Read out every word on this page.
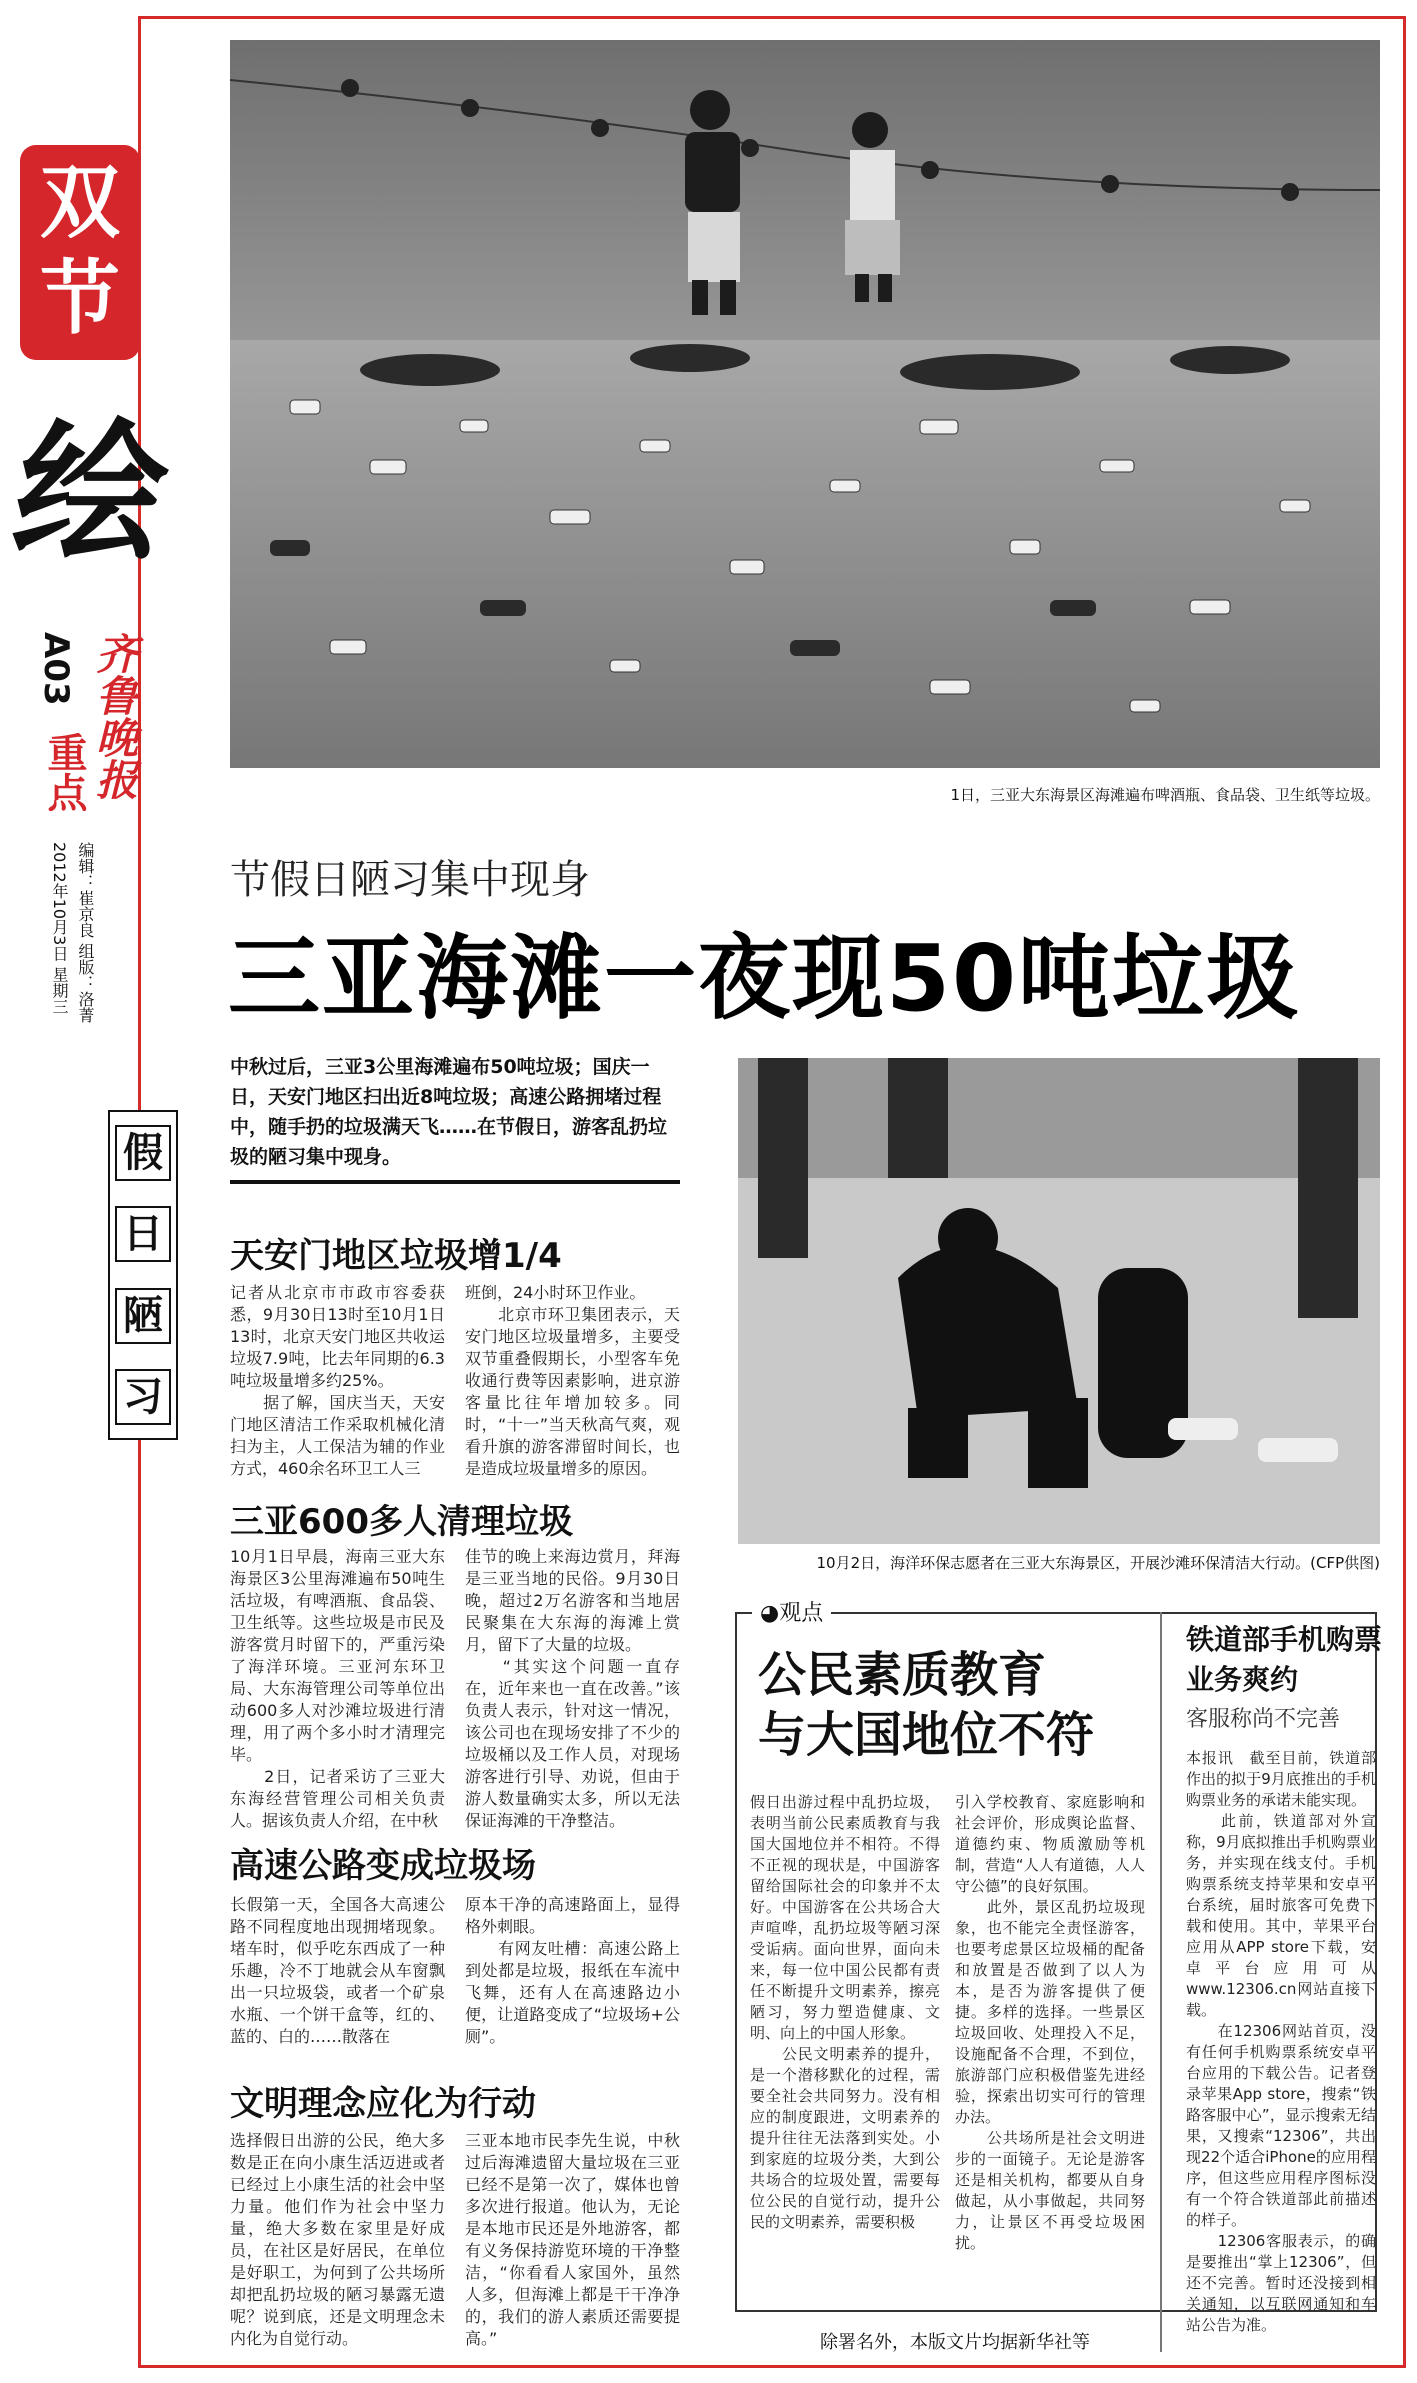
双
节
绘
A03
重点 齐鲁晚报
编辑：崔京良 组版：洛菁
2012年10月3日 星期三
假
日
陋
习
1日，三亚大东海景区海滩遍布啤酒瓶、食品袋、卫生纸等垃圾。
节假日陋习集中现身
三亚海滩一夜现50吨垃圾
中秋过后，三亚3公里海滩遍布50吨垃圾；国庆一日，天安门地区扫出近8吨垃圾；高速公路拥堵过程中，随手扔的垃圾满天飞……在节假日，游客乱扔垃圾的陋习集中现身。
天安门地区垃圾增1/4
记者从北京市市政市容委获悉，9月30日13时至10月1日13时，北京天安门地区共收运垃圾7.9吨，比去年同期的6.3吨垃圾量增多约25%。
　　据了解，国庆当天，天安门地区清洁工作采取机械化清扫为主，人工保洁为辅的作业方式，460余名环卫工人三
班倒，24小时环卫作业。
　　北京市环卫集团表示，天安门地区垃圾量增多，主要受双节重叠假期长，小型客车免收通行费等因素影响，进京游客量比往年增加较多。同时，“十一”当天秋高气爽，观看升旗的游客滞留时间长，也是造成垃圾量增多的原因。
三亚600多人清理垃圾
10月1日早晨，海南三亚大东海景区3公里海滩遍布50吨生活垃圾，有啤酒瓶、食品袋、卫生纸等。这些垃圾是市民及游客赏月时留下的，严重污染了海洋环境。三亚河东环卫局、大东海管理公司等单位出动600多人对沙滩垃圾进行清理，用了两个多小时才清理完毕。
　　2日，记者采访了三亚大东海经营管理公司相关负责人。据该负责人介绍，在中秋
佳节的晚上来海边赏月，拜海是三亚当地的民俗。9月30日晚，超过2万名游客和当地居民聚集在大东海的海滩上赏月，留下了大量的垃圾。
　　“其实这个问题一直存在，近年来也一直在改善。”该负责人表示，针对这一情况，该公司也在现场安排了不少的垃圾桶以及工作人员，对现场游客进行引导、劝说，但由于游人数量确实太多，所以无法保证海滩的干净整洁。
高速公路变成垃圾场
长假第一天，全国各大高速公路不同程度地出现拥堵现象。堵车时，似乎吃东西成了一种乐趣，冷不丁地就会从车窗飘出一只垃圾袋，或者一个矿泉水瓶、一个饼干盒等，红的、蓝的、白的……散落在
原本干净的高速路面上，显得格外刺眼。
　　有网友吐槽：高速公路上到处都是垃圾，报纸在车流中飞舞，还有人在高速路边小便，让道路变成了“垃圾场+公厕”。
文明理念应化为行动
选择假日出游的公民，绝大多数是正在向小康生活迈进或者已经过上小康生活的社会中坚力量。他们作为社会中坚力量，绝大多数在家里是好成员，在社区是好居民，在单位是好职工，为何到了公共场所却把乱扔垃圾的陋习暴露无遗呢？说到底，还是文明理念未内化为自觉行动。
三亚本地市民李先生说，中秋过后海滩遗留大量垃圾在三亚已经不是第一次了，媒体也曾多次进行报道。他认为，无论是本地市民还是外地游客，都有义务保持游览环境的干净整洁，“你看看人家国外，虽然人多，但海滩上都是干干净净的，我们的游人素质还需要提高。”
10月2日，海洋环保志愿者在三亚大东海景区，开展沙滩环保清洁大行动。(CFP供图)
◕观点
公民素质教育
与大国地位不符
假日出游过程中乱扔垃圾，表明当前公民素质教育与我国大国地位并不相符。不得不正视的现状是，中国游客留给国际社会的印象并不太好。中国游客在公共场合大声喧哗，乱扔垃圾等陋习深受诟病。面向世界，面向未来，每一位中国公民都有责任不断提升文明素养，擦亮陋习，努力塑造健康、文明、向上的中国人形象。
　　公民文明素养的提升，是一个潜移默化的过程，需要全社会共同努力。没有相应的制度跟进，文明素养的提升往往无法落到实处。小到家庭的垃圾分类，大到公共场合的垃圾处置，需要每位公民的自觉行动，提升公民的文明素养，需要积极
引入学校教育、家庭影响和社会评价，形成舆论监督、道德约束、物质激励等机制，营造“人人有道德，人人守公德”的良好氛围。
　　此外，景区乱扔垃圾现象，也不能完全责怪游客，也要考虑景区垃圾桶的配备和放置是否做到了以人为本，是否为游客提供了便捷。多样的选择。一些景区垃圾回收、处理投入不足，设施配备不合理，不到位，旅游部门应积极借鉴先进经验，探索出切实可行的管理办法。
　　公共场所是社会文明进步的一面镜子。无论是游客还是相关机构，都要从自身做起，从小事做起，共同努力，让景区不再受垃圾困扰。
铁道部手机购票业务爽约
客服称尚不完善
本报讯　截至目前，铁道部作出的拟于9月底推出的手机购票业务的承诺未能实现。
　　此前，铁道部对外宣称，9月底拟推出手机购票业务，并实现在线支付。手机购票系统支持苹果和安卓平台系统，届时旅客可免费下载和使用。其中，苹果平台应用从APP store下载，安卓平台应用可从www.12306.cn网站直接下载。
　　在12306网站首页，没有任何手机购票系统安卓平台应用的下载公告。记者登录苹果App store，搜索“铁路客服中心”，显示搜索无结果，又搜索“12306”，共出现22个适合iPhone的应用程序，但这些应用程序图标没有一个符合铁道部此前描述的样子。
　　12306客服表示，的确是要推出“掌上12306”，但还不完善。暂时还没接到相关通知，以互联网通知和车站公告为准。
除署名外，本版文片均据新华社等
